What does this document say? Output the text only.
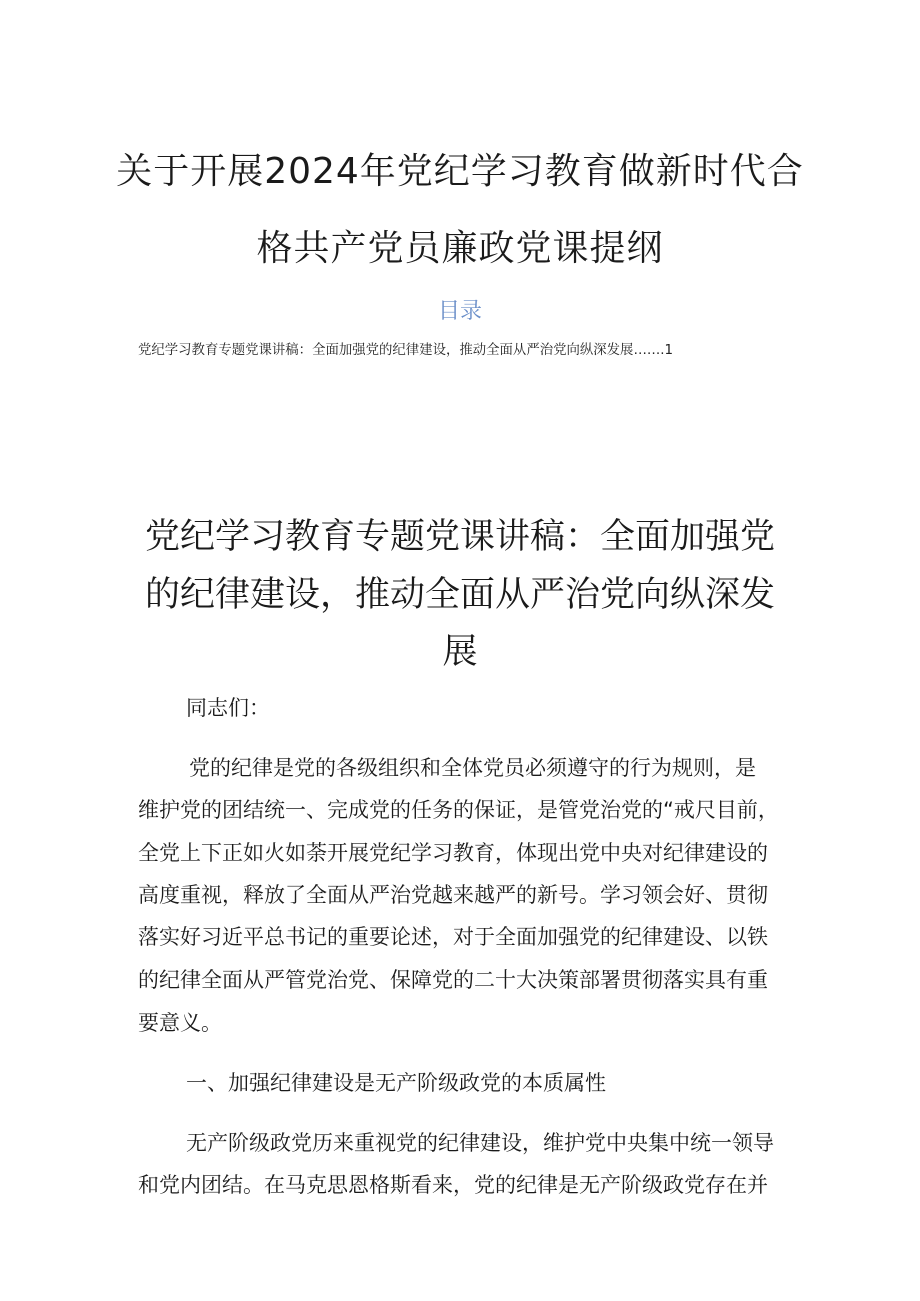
关于开展2024年党纪学习教育做新时代合
格共产党员廉政党课提纲
目录
党纪学习教育专题党课讲稿：全面加强党的纪律建设，推动全面从严治党向纵深发展…….1
党纪学习教育专题党课讲稿：全面加强党
的纪律建设，推动全面从严治党向纵深发
展
同志们：
党的纪律是党的各级组织和全体党员必须遵守的行为规则，是
维护党的团结统一、完成党的任务的保证，是管党治党的“戒尺目前，
全党上下正如火如荼开展党纪学习教育，体现出党中央对纪律建设的
高度重视，释放了全面从严治党越来越严的新号。学习领会好、贯彻
落实好习近平总书记的重要论述，对于全面加强党的纪律建设、以铁
的纪律全面从严管党治党、保障党的二十大决策部署贯彻落实具有重
要意义。
一、加强纪律建设是无产阶级政党的本质属性
无产阶级政党历来重视党的纪律建设，维护党中央集中统一领导
和党内团结。在马克思恩格斯看来，党的纪律是无产阶级政党存在并
